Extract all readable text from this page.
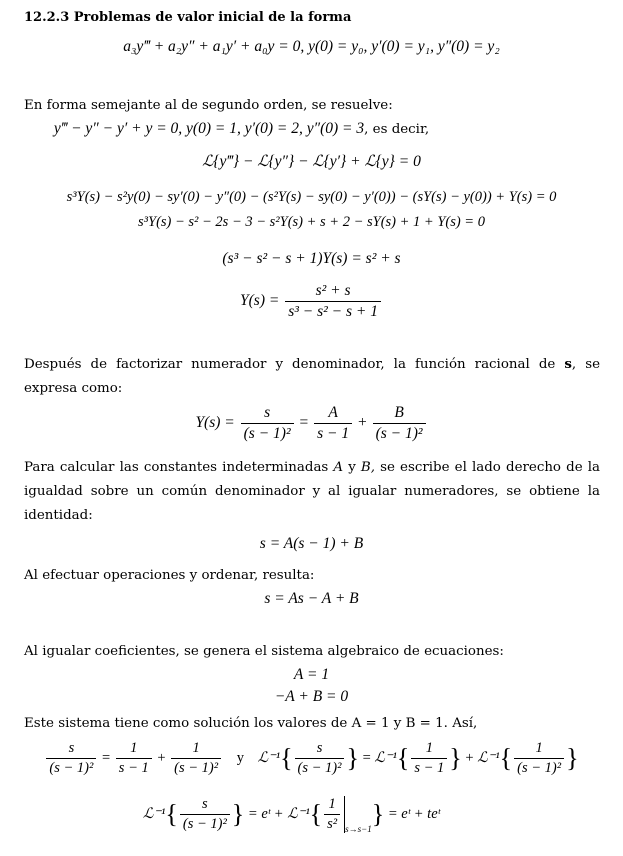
12.2.3 Problemas de valor inicial de la forma
a₃y‴ + a₂y″ + a₁y′ + a₀y = 0, y(0) = y₀, y′(0) = y₁, y″(0) = y₂
En forma semejante al de segundo orden, se resuelve:
y‴ − y″ − y′ + y = 0, y(0) = 1, y′(0) = 2, y″(0) = 3, es decir,
ℒ{y‴} − ℒ{y″} − ℒ{y′} + ℒ{y} = 0
s³Y(s) − s²y(0) − sy′(0) − y″(0) − (s²Y(s) − sy(0) − y′(0)) − (sY(s) − y(0)) + Y(s) = 0
s³Y(s) − s² − 2s − 3 − s²Y(s) + s + 2 − sY(s) + 1 + Y(s) = 0
(s³ − s² − s + 1)Y(s) = s² + s
$Y(s) = \frac{\text{s² + s}}{\text{s³ − s² − s + 1}}$
Después de factorizar numerador y denominador, la función racional de s, se expresa como:
$Y(s) = \frac{s}{\text{(s − 1)²}} = \frac{A}{s - 1} + \frac{B}{\text{(s − 1)²}}$
Para calcular las constantes indeterminadas A y B, se escribe el lado derecho de la igualdad sobre un común denominador y al igualar numeradores, se obtiene la identidad:
s = A(s − 1) + B
Al efectuar operaciones y ordenar, resulta:
s = As − A + B
Al igualar coeficientes, se genera el sistema algebraico de ecuaciones:
A = 1
−A + B = 0
Este sistema tiene como solución los valores de A = 1 y B = 1. Así,
$\frac{s}{\text{(s − 1)²}} = \frac{1}{s - 1} + \frac{1}{\text{(s − 1)²}}$ y ℒ⁻¹{ $\frac{s}{\text{(s − 1)²}}$ } = ℒ⁻¹{ $\frac{1}{s - 1}$ } + ℒ⁻¹{ $\frac{1}{\text{(s − 1)²}}$ }
ℒ⁻¹{ $\frac{s}{\text{(s − 1)²}}$ } = eᵗ + ℒ⁻¹{ $\frac{1}{\text{s²}} _{s\to s-1}$} = eᵗ + teᵗ
